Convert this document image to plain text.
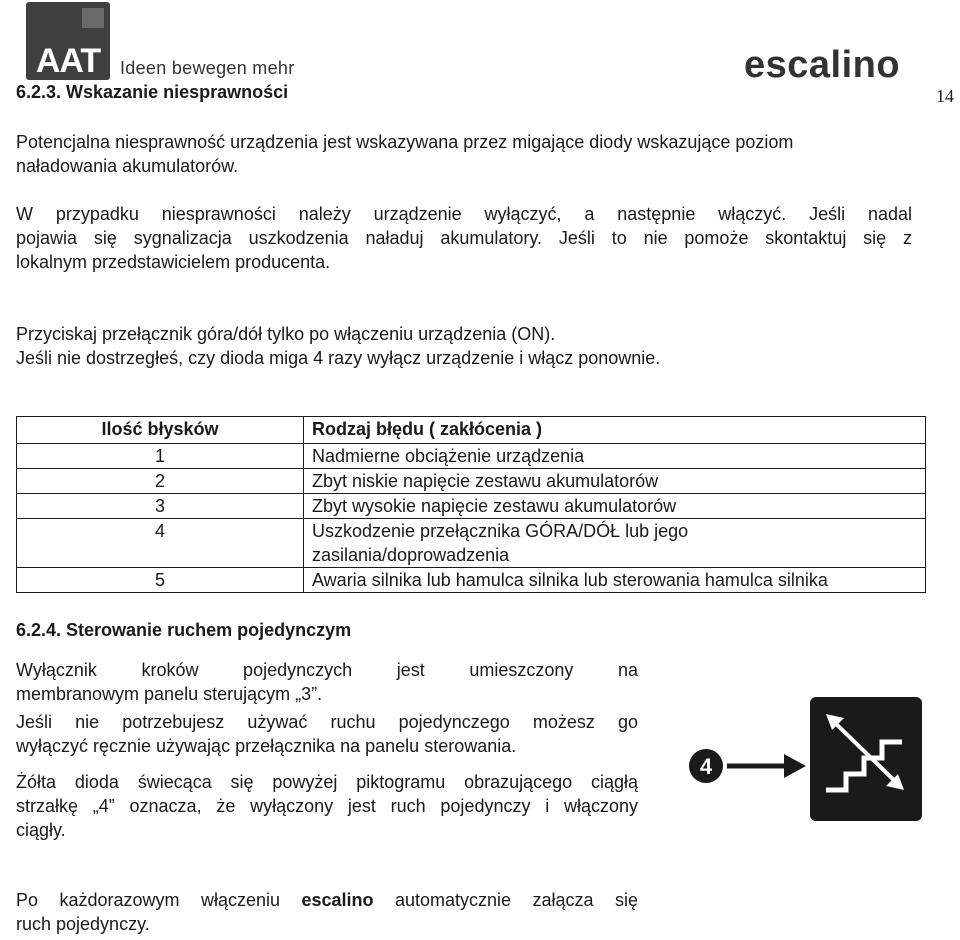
AAT	Ideen bewegen mehr	escalino
14
6.2.3. Wskazanie niesprawności
Potencjalna niesprawność urządzenia jest wskazywana przez migające diody wskazujące poziom
naładowania akumulatorów.
W przypadku niesprawności należy urządzenie wyłączyć, a następnie włączyć. Jeśli nadal
pojawia się sygnalizacja uszkodzenia naładuj akumulatory. Jeśli to nie pomoże skontaktuj się z
lokalnym przedstawicielem producenta.
Przyciskaj przełącznik góra/dół tylko po włączeniu urządzenia (ON).
Jeśli nie dostrzegłeś, czy dioda miga 4 razy wyłącz urządzenie i włącz ponownie.
Ilość błysków	Rodzaj błędu ( zakłócenia )
1	Nadmierne obciążenie urządzenia

2	Zbyt niskie napięcie zestawu akumulatorów

3	Zbyt wysokie napięcie zestawu akumulatorów

4	Uszkodzenie przełącznika GÓRA/DÓŁ lub jego
zasilania/doprowadzenia

5	Awaria silnika lub hamulca silnika lub sterowania hamulca silnika
6.2.4. Sterowanie ruchem pojedynczym
Wyłącznik kroków pojedynczych jest umieszczony na
membranowym panelu sterującym „3”.
Jeśli nie potrzebujesz używać ruchu pojedynczego możesz go
wyłączyć ręcznie używając przełącznika na panelu sterowania.
Żółta dioda świecąca się powyżej piktogramu obrazującego ciągłą
strzałkę „4” oznacza, że wyłączony jest ruch pojedynczy i włączony
ciągły.
Po każdorazowym włączeniu escalino automatycznie załącza się
ruch pojedynczy.
4
